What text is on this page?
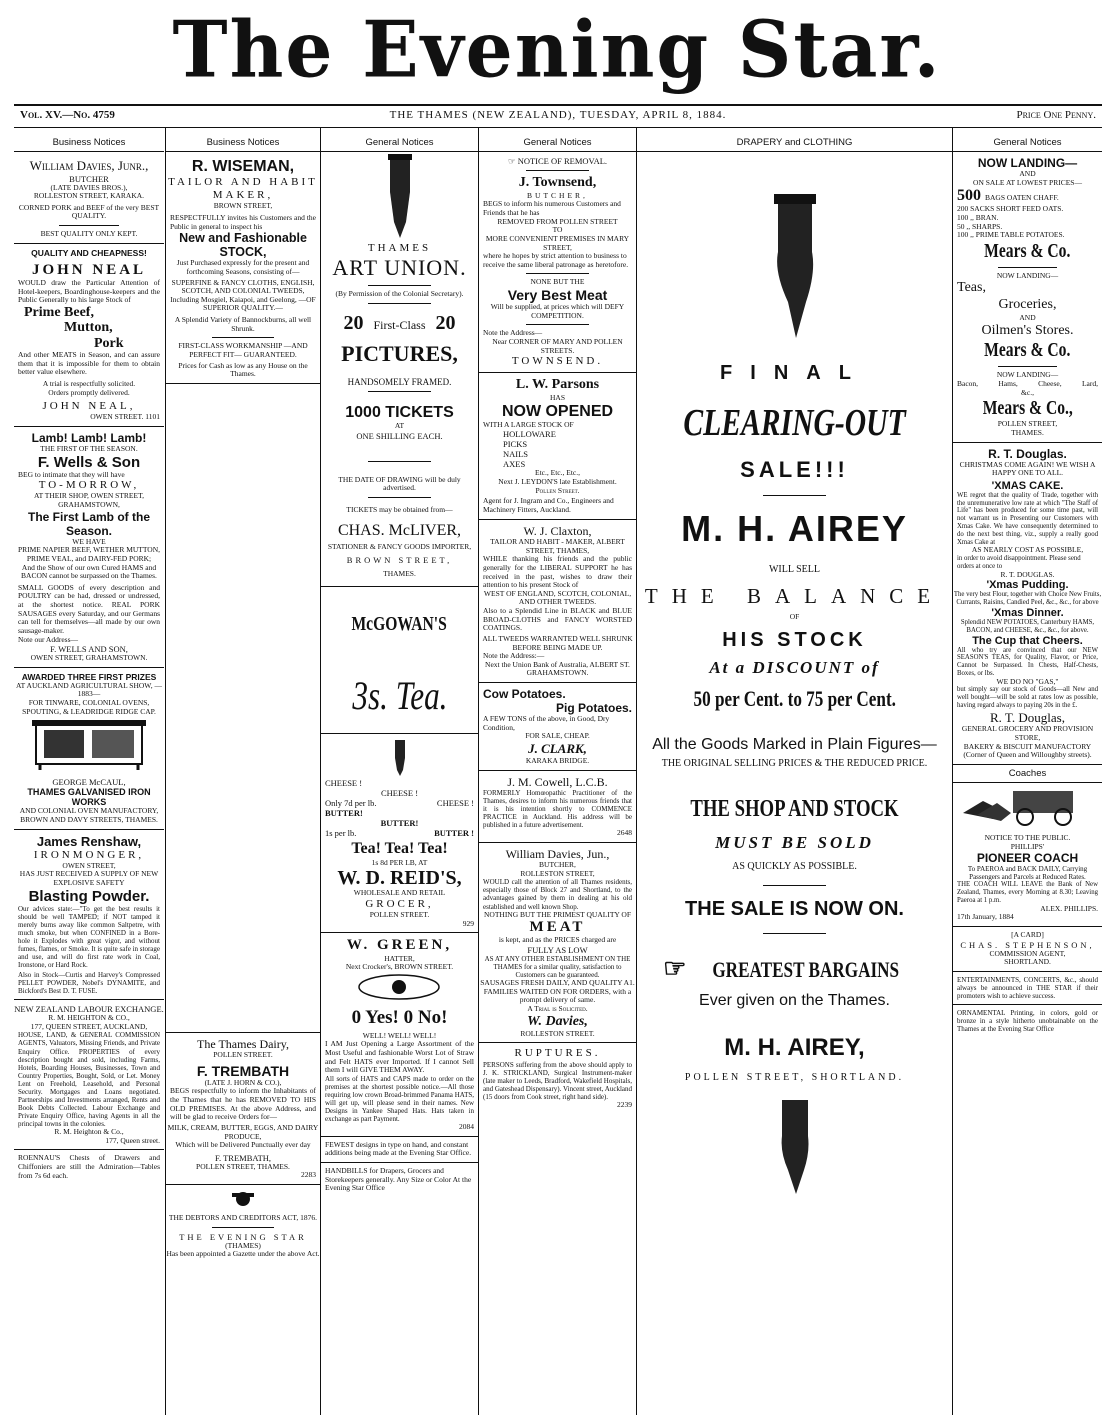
The Evening Star.
Vol. XV.—No. 4759	THE THAMES (NEW ZEALAND), TUESDAY, APRIL 8, 1884.	Price One Penny.
Business Notices
William Davies, Junr.,
BUTCHER
(LATE DAVIES BROS.),
ROLLESTON STREET, KARAKA.
CORNED PORK and BEEF of the very BEST QUALITY.
BEST QUALITY ONLY KEPT.
QUALITY AND CHEAPNESS!
JOHN NEAL
WOULD draw the Particular Attention of Hotel-keepers, Boardinghouse-keepers and the Public Generally to his large Stock of
Prime Beef,
Mutton,
Pork
And other MEATS in Season, and can assure them that it is impossible for them to obtain better value elsewhere.
A trial is respectfully solicited.
Orders promptly delivered.
JOHN NEAL,
OWEN STREET. 1101
Lamb! Lamb! Lamb!
THE FIRST OF THE SEASON.
F. Wells & Son
BEG to intimate that they will have
TO-MORROW,
AT THEIR SHOP, OWEN STREET, GRAHAMSTOWN,
The First Lamb of the Season.
WE HAVE
PRIME NAPIER BEEF, WETHER MUTTON, PRIME VEAL, and DAIRY-FED PORK;
And the Show of our own Cured HAMS and BACON cannot be surpassed on the Thames.
SMALL GOODS of every description and POULTRY can be had, dressed or undressed, at the shortest notice. REAL PORK SAUSAGES every Saturday, and our Germans can tell for themselves—all made by our own sausage-maker.
Note our Address—
F. WELLS AND SON,
OWEN STREET, GRAHAMSTOWN.
AWARDED THREE FIRST PRIZES
AT AUCKLAND AGRICULTURAL SHOW, —1883—
FOR TINWARE, COLONIAL OVENS, SPOUTING, & LEADRIDGE RIDGE CAP.
GEORGE McCAUL,
THAMES GALVANISED IRON WORKS
AND COLONIAL OVEN MANUFACTORY,
BROWN AND DAVY STREETS, THAMES.
James Renshaw,
IRONMONGER,
OWEN STREET,
HAS JUST RECEIVED A SUPPLY OF NEW EXPLOSIVE SAFETY
Blasting Powder.
Our advices state:—"To get the best results it should be well TAMPED; if NOT tamped it merely burns away like common Saltpetre, with much smoke, but when CONFINED in a Bore-hole it Explodes with great vigor, and without fumes, flames, or Smoke. It is quite safe in storage and use, and will do first rate work in Coal, Ironstone, or Hard Rock.
Also in Stock—Curtis and Harvey's Compressed PELLET POWDER, Nobel's DYNAMITE, and Bickford's Best D. T. FUSE.
NEW ZEALAND LABOUR EXCHANGE.
R. M. HEIGHTON & CO.,
177, QUEEN STREET, AUCKLAND,
HOUSE, LAND, & GENERAL COMMISSION AGENTS, Valuators, Missing Friends, and Private Enquiry Office. PROPERTIES of every description bought and sold, including Farms, Hotels, Boarding Houses, Businesses, Town and Country Properties, Bought, Sold, or Let. Money Lent on Freehold, Leasehold, and Personal Security. Mortgages and Loans negotiated. Partnerships and Investments arranged, Rents and Book Debts Collected. Labour Exchange and Private Enquiry Office, having Agents in all the principal towns in the colonies.
R. M. Heighton & Co.,
177, Queen street.
ROENNAU'S Chests of Drawers and Chiffoniers are still the Admiration—Tables from 7s 6d each.
Business Notices
R. WISEMAN,
TAILOR AND HABIT MAKER,
BROWN STREET,
RESPECTFULLY invites his Customers and the Public in general to inspect his
New and Fashionable STOCK,
Just Purchased expressly for the present and forthcoming Seasons, consisting of—
SUPERFINE & FANCY CLOTHS, ENGLISH, SCOTCH, AND COLONIAL TWEEDS,
Including Mosgiel, Kaiapoi, and Geelong, —OF SUPERIOR QUALITY.—
A Splendid Variety of Bannockburns, all well Shrunk.
FIRST-CLASS WORKMANSHIP —AND PERFECT FIT— GUARANTEED.
Prices for Cash as low as any House on the Thames.
The Thames Dairy,
POLLEN STREET.
F. TREMBATH
(LATE J. HORN & CO.),
BEGS respectfully to inform the Inhabitants of the Thames that he has REMOVED TO HIS OLD PREMISES. At the above Address, and will be glad to receive Orders for—
MILK, CREAM, BUTTER, EGGS, AND DAIRY PRODUCE,
Which will be Delivered Punctually ever day
F. TREMBATH,
POLLEN STREET, THAMES.
2283
THE DEBTORS AND CREDITORS ACT, 1876.
THE EVENING STAR
(THAMES)
Has been appointed a Gazette under the above Act.
General Notices
THAMES
ART UNION.
(By Permission of the Colonial Secretary).
20 First-Class 20
PICTURES,
HANDSOMELY FRAMED.
1000 TICKETS
AT
ONE SHILLING EACH.
THE DATE OF DRAWING will be duly advertised.
TICKETS may be obtained from—
CHAS. McLIVER,
STATIONER & FANCY GOODS IMPORTER,
BROWN STREET,
THAMES.
McGOWAN'S
3s. Tea.
CHEESE !
CHEESE !
Only 7d per lb.	CHEESE !
BUTTER!
BUTTER!
1s per lb.	BUTTER !
Tea! Tea! Tea!
1s 8d PER LB, AT
W. D. REID'S,
WHOLESALE AND RETAIL
GROCER,
POLLEN STREET.
929
W. GREEN,
HATTER,
Next Crocker's, BROWN STREET.
0 Yes! 0 No!
WELL! WELL! WELL!
I AM Just Opening a Large Assortment of the Most Useful and fashionable Worst Lot of Straw and Felt HATS ever Imported. If I cannot Sell them I will GIVE THEM AWAY.
All sorts of HATS and CAPS made to order on the premises at the shortest possible notice.—All those requiring low crown Broad-brimmed Panama HATS, will get up, will please send in their names. New Designs in Yankee Shaped Hats. Hats taken in exchange as part Payment.
2084
FEWEST designs in type on hand, and constant additions being made at the Evening Star Office.
HANDBILLS for Drapers, Grocers and Storekeepers generally. Any Size or Color At the Evening Star Office
General Notices
☞ NOTICE OF REMOVAL.
J. Townsend,
BUTCHER,
BEGS to inform his numerous Customers and Friends that he has
REMOVED FROM POLLEN STREET
TO
MORE CONVENIENT PREMISES IN MARY STREET,
where he hopes by strict attention to business to receive the same liberal patronage as heretofore.
NONE BUT THE
Very Best Meat
Will be supplied, at prices which will DEFY COMPETITION.
Note the Address—
Near CORNER OF MARY AND POLLEN STREETS.
TOWNSEND.
L. W. Parsons
HAS
NOW OPENED
WITH A LARGE STOCK OF
HOLLOWARE
PICKS
NAILS
AXES
Etc., Etc., Etc.,
Next J. LEYDON'S late Establishment.
Pollen Street.
Agent for J. Ingram and Co., Engineers and Machinery Fitters, Auckland.
W. J. Claxton,
TAILOR AND HABIT - MAKER, ALBERT STREET, THAMES,
WHILE thanking his friends and the public generally for the LIBERAL SUPPORT he has received in the past, wishes to draw their attention to his present Stock of
WEST OF ENGLAND, SCOTCH, COLONIAL, AND OTHER TWEEDS.
Also to a Splendid Line in BLACK and BLUE BROAD-CLOTHS and FANCY WORSTED COATINGS.
ALL TWEEDS WARRANTED WELL SHRUNK BEFORE BEING MADE UP.
Note the Address:—
Next the Union Bank of Australia, ALBERT ST. GRAHAMSTOWN.
Cow Potatoes.
Pig Potatoes.
A FEW TONS of the above, in Good, Dry Condition,
FOR SALE, CHEAP.
J. CLARK,
KARAKA BRIDGE.
J. M. Cowell, L.C.B.
FORMERLY Homœopathic Practitioner of the Thames, desires to inform his numerous friends that it is his intention shortly to COMMENCE PRACTICE in Auckland. His address will be published in a future advertisement.
2648
William Davies, Jun.,
BUTCHER,
ROLLESTON STREET,
WOULD call the attention of all Thames residents, especially those of Block 27 and Shortland, to the advantages gained by them in dealing at his old established and well known Shop.
NOTHING BUT THE PRIMEST QUALITY OF
MEAT
is kept, and as the PRICES charged are
FULLY AS LOW
AS AT ANY OTHER ESTABLISHMENT ON THE THAMES for a similar quality, satisfaction to Customers can be guaranteed.
SAUSAGES FRESH DAILY, AND QUALITY A1.
FAMILIES WAITED ON FOR ORDERS, with a prompt delivery of same.
A Trial is Solicited.
W. Davies,
ROLLESTON STREET.
RUPTURES.
PERSONS suffering from the above should apply to J. K. STRICKLAND, Surgical Instrument-maker (late maker to Leeds, Bradford, Wakefield Hospitals, and Gateshead Dispensary). Vincent street, Auckland (15 doors from Cook street, right hand side).
2239
DRAPERY and CLOTHING
FINAL
CLEARING-OUT
SALE!!!
M. H. AIREY
WILL SELL
THE BALANCE
OF
HIS STOCK
At a DISCOUNT of
50 per Cent. to 75 per Cent.
All the Goods Marked in Plain Figures—
THE ORIGINAL SELLING PRICES & THE REDUCED PRICE.
THE SHOP AND STOCK
MUST BE SOLD
AS QUICKLY AS POSSIBLE.
THE SALE IS NOW ON.
☞ GREATEST BARGAINS
Ever given on the Thames.
M. H. AIREY,
POLLEN STREET, SHORTLAND.
General Notices
NOW LANDING—
AND
ON SALE AT LOWEST PRICES—
500 BAGS OATEN CHAFF.
200 SACKS SHORT FEED OATS.
100 ,, BRAN.
50 ,, SHARPS.
100 ,, PRIME TABLE POTATOES.
Mears & Co.
NOW LANDING—
Teas,
Groceries,
AND
Oilmen's Stores.
Mears & Co.
NOW LANDING—
Bacon,	Hams,	Cheese,	Lard,
&c.,
Mears & Co.,
POLLEN STREET,
THAMES.
R. T. Douglas.
CHRISTMAS COME AGAIN! WE WISH A HAPPY ONE TO ALL.
'XMAS CAKE.
WE regret that the quality of Trade, together with the unremunerative low rate at which "The Staff of Life" has been produced for some time past, will not warrant us in Presenting our Customers with Xmas Cake. We have consequently determined to do the next best thing, viz., supply a really good Xmas Cake at
AS NEARLY COST AS POSSIBLE,
in order to avoid disappointment. Please send orders at once to
R. T. DOUGLAS.
'Xmas Pudding.
The very best Flour, together with Choice New Fruits, Currants, Raisins, Candied Peel, &c., &c., for above
'Xmas Dinner.
Splendid NEW POTATOES, Canterbury HAMS, BACON, and CHEESE, &c., &c., for above.
The Cup that Cheers.
All who try are convinced that our NEW SEASON'S TEAS, for Quality, Flavor, or Price, Cannot be Surpassed. In Chests, Half-Chests, Boxes, or lbs.
WE DO NO "GAS,"
but simply say our stock of Goods—all New and well bought—will be sold at rates low as possible, having regard always to paying 20s in the £.
R. T. Douglas,
GENERAL GROCERY AND PROVISION STORE,
BAKERY & BISCUIT MANUFACTORY
(Corner of Queen and Willoughby streets).
Coaches
NOTICE TO THE PUBLIC.
PHILLIPS'
PIONEER COACH
To PAEROA and BACK DAILY, Carrying Passengers and Parcels at Reduced Rates.
THE COACH WILL LEAVE the Bank of New Zealand, Thames, every Morning at 8.30; Leaving Paeroa at 1 p.m.
ALEX. PHILLIPS.
17th January, 1884
[A CARD]
CHAS. STEPHENSON,
COMMISSION AGENT,
SHORTLAND.
ENTERTAINMENTS, CONCERTS, &c., should always be announced in THE STAR if their promoters wish to achieve success.
ORNAMENTAL Printing, in colors, gold or bronze in a style hitherto unobtainable on the Thames at the Evening Star Office
